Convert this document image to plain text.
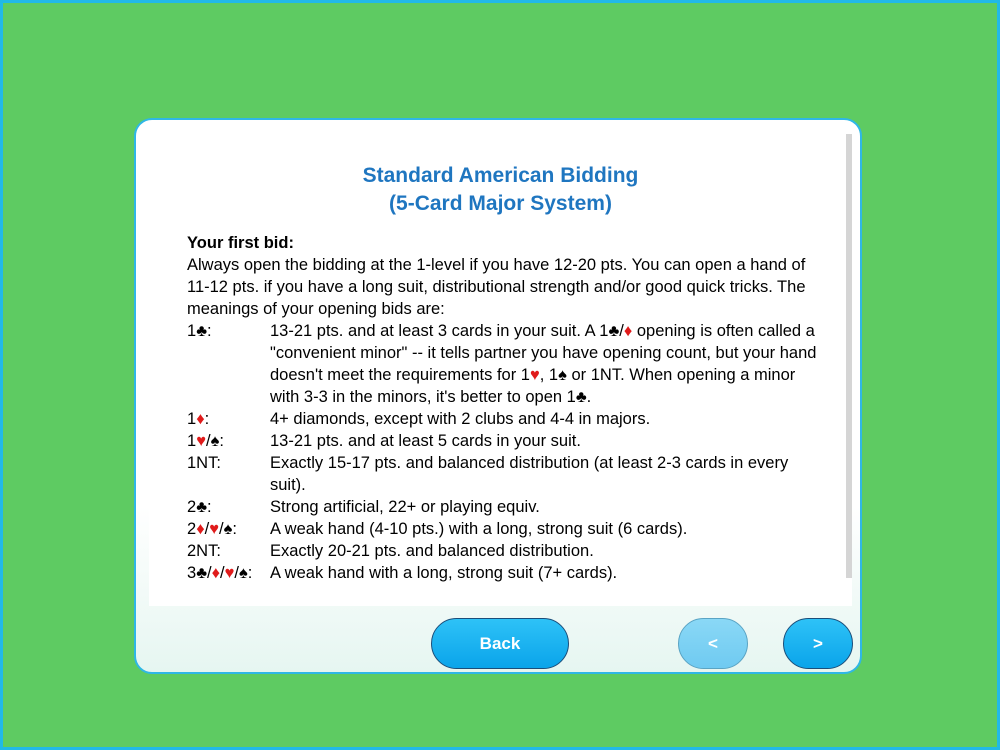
Standard American Bidding
(5-Card Major System)
Your first bid:
Always open the bidding at the 1-level if you have 12-20 pts. You can open a hand of 11-12 pts. if you have a long suit, distributional strength and/or good quick tricks. The meanings of your opening bids are:
1♣:	13-21 pts. and at least 3 cards in your suit. A 1♣/♦ opening is often called a "convenient minor" -- it tells partner you have opening count, but your hand doesn't meet the requirements for 1♥, 1♠ or 1NT. When opening a minor with 3-3 in the minors, it's better to open 1♣.
1♦:	4+ diamonds, except with 2 clubs and 4-4 in majors.
1♥/♠:	13-21 pts. and at least 5 cards in your suit.
1NT:	Exactly 15-17 pts. and balanced distribution (at least 2-3 cards in every suit).
2♣:	Strong artificial, 22+ or playing equiv.
2♦/♥/♠: A weak hand (4-10 pts.) with a long, strong suit (6 cards).
2NT:	Exactly 20-21 pts. and balanced distribution.
3♣/♦/♥/♠: A weak hand with a long, strong suit (7+ cards).
Back	<	>
